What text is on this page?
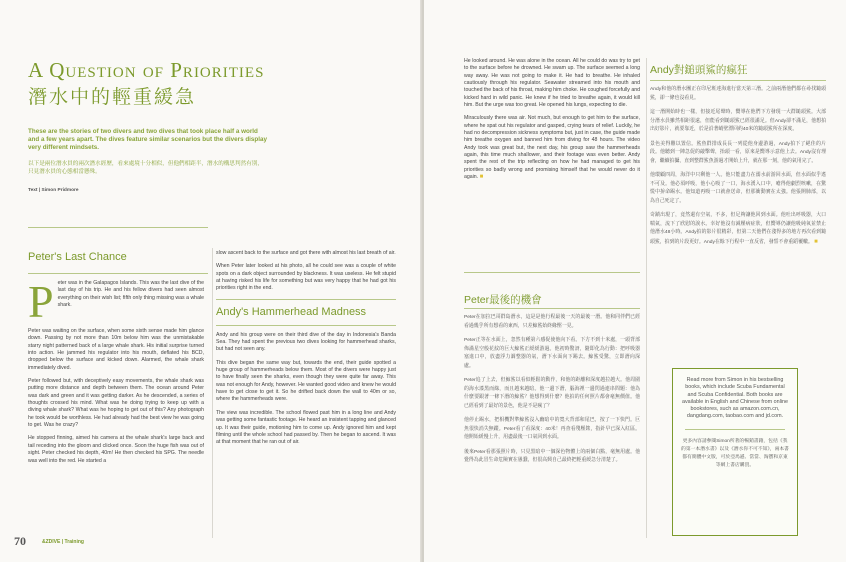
A Question of Priorities
潛水中的輕重緩急
These are the stories of two divers and two dives that took place half a world and a few years apart. The dives feature similar scenarios but the divers display very different mindsets.
以下是兩位潛水員的兩次潛水經歷，看來處境十分相似，但他們相距半，潛水的構思判然有別，只見潛水員的心態相當懸殊。
Text | Simon Pridmore
Peter's Last Chance

P eter was in the Galapagos Islands. This was the last dive of the last day of his trip. He and his fellow divers had seen almost everything on their wish list; fifth only thing missing was a whale shark.

Peter was waiting on the surface, when some sixth sense made him glance down. Passing by not more than 10m below him was the unmistakable starry night patterned back of a large whale shark. His initial surprise turned into action. He jammed his regulator into his mouth, deflated his BCD, dropped below the surface and kicked down. Alarmed, the whale shark immediately dived.

Peter followed but, with deceptively easy movements, the whale shark was putting more distance and depth between them. The ocean around Peter was dark and green and it was getting darker. As he descended, a series of thoughts crossed his mind. What was he doing trying to keep up with a diving whale shark? What was he hoping to get out of this? Any photograph he took would be worthless. He had already had the best view he was going to get. Was he crazy?

He stopped finning, aimed his camera at the whale shark's large back and tail receding into the gloom and clicked once. Soon the huge fish was out of sight. Peter checked his depth, 40m! He then checked his SPG. The needle was well into the red. He started a

slow ascent back to the surface and got there with almost his last breath of air.

When Peter later looked at his photo, all he could see was a couple of white spots on a dark object surrounded by blackness. It was useless. He felt stupid at having risked his life for something but was very happy that he had got his priorities right in the end.

Andy's Hammerhead Madness

Andy and his group were on their third dive of the day in Indonesia's Banda Sea. They had spent the previous two dives looking for hammerhead sharks, but had not seen any.

This dive began the same way but, towards the end, their guide spotted a huge group of hammerheads below them. Most of the divers were happy just to have finally seen the sharks, even though they were quite far away. This was not enough for Andy, however. He wanted good video and knew he would have to get close to get it. So he drifted back down the wall to 40m or so, where the hammerheads were.

The view was incredible. The school flowed past him in a long line and Andy was getting some fantastic footage. He heard an insistent tapping and glanced up. It was their guide, motioning him to come up. Andy ignored him and kept filming until the whole school had passed by. Then he began to ascend. It was at that moment that he ran out of air.

70	&ZDIVE | Training

He looked around. He was alone in the ocean. All he could do was try to get to the surface before he drowned. He swam up. The surface seemed a long way away. He was not going to make it. He had to breathe. He inhaled cautiously through his regulator. Seawater streamed into his mouth and touched the back of his throat, making him choke. He coughed forcefully and kicked hard in wild panic. He knew if he tried to breathe again, it would kill him. But the urge was too great. He opened his lungs, expecting to die.

Miraculously there was air. Not much, but enough to get him to the surface, where he spat out his regulator and gasped, crying tears of relief. Luckily, he had no decompression sickness symptoms but, just in case, the guide made him breathe oxygen and banned him from diving for 48 hours. The video Andy took was great but, the next day, his group saw the hammerheads again, this time much shallower, and their footage was even better. Andy spent the rest of the trip reflecting on how he had managed to get his priorities so badly wrong and promising himself that he would never do it again. ■

Peter最後的機會

Peter在加拉巴哥群島潛水，這是是他行程最後一天的最後一潛。他和同伴們已經看過幾乎所有想看的東西，只差鯨鯊始終緣慳一見。

Peter正等在水面上，忽然有種第六感促使他向下看。下方不到十米處，一頭背部佈滿星空般花紋的巨大鯨鯊正緩緩游過。他初時驚訝，隨即化為行動：把呼吸器塞進口中，放盡浮力調整器的氣，潛下水面向下踢去。鯨鯊受驚，立即潛向深處。

Peter追了上去，但鯨鯊以看似輕鬆的動作，和他的距離和深度越拉越大。他周圍的海水漆黑而綠，而且越來越暗。他一邊下潛，腦海裡一邊閃過連串問題：他為什麼要跟著一條下潛的鯨鯊？他想得到什麼？他拍的任何照片都會毫無價值。他已經看到了最好的景色，他是不是瘋了？

他停止踢水，把相機對準鯨鯊沒入幽暗中的寬大背部和尾巴，按了一下快門。巨魚很快消失無蹤。Peter看了看深度：40米！再查看殘壓錶，指針早已深入紅區。他開始緩慢上升，用盡最後一口氣回到水面。

後來Peter看那張照片時，只見黑暗中一個深色物體上的兩個白點，毫無用處。他覺得為此冒生命危險實在愚蠢，但很高興自己最終把輕重緩急分清楚了。

Andy對鎚頭鯊的瘋狂

Andy和他的潛水團正在印尼班達海進行當天第三潛。之前兩潛他們都在尋找鎚頭鯊，卻一條也沒看見。

這一潛開始時也一樣，但接近尾聲時，嚮導在他們下方發現一大群鎚頭鯊。大部分潛水員雖然相距很遠，但能看到鎚頭鯊已經很滿足。但Andy卻不滿足，他想拍出好影片，就要靠近，於是沿著峭壁漂回約40米的鎚頭鯊所在深度。

景色美得難以置信。鯊魚群排成長長一列從他身邊游過，Andy拍下了絕佳的片段。他聽到一陣急促的敲擊聲，抬頭一看，原來是嚮導示意他上去。Andy沒有理會，繼續拍攝，直到整群鯊魚游過才開始上升，就在那一刻，他的氣用完了。

他環顧四周，海洋中只剩他一人。他只能盡力在溺水前游回水面，但水面似乎遙不可及。他必須呼吸，他小心吸了一口，海水湧入口中，嗆得他劇烈咳嗽，在驚慌中拚命踢水。他知道再吸一口就會送命，但那衝動實在太強。他張開肺部，以為自己死定了。

奇蹟出現了，竟然還有空氣，不多，但足夠讓他回到水面。他吐出呼吸器，大口喘氣，流下了欣慰的淚水。幸好他沒有減壓病症狀，但嚮導仍讓他吸純氧並禁止他潛水48小時。Andy拍的影片很精彩，但第二天他們在淺得多的地方再次看到鎚頭鯊，拍到的片段更好。Andy在餘下行程中一直反省，發誓不會重蹈覆轍。 ■

Read more from Simon in his bestselling books, which include Scuba Fundamental and Scuba Confidential. Both books are available in English and Chinese from online bookstores, such as amazon.com.cn, dangdang.com, taobao.com and jd.com.
更多內容請參閱Simon所著的暢銷書籍，包括《我的第一本潛水書》以及《潛水你不可不知》，兩本書都有簡體中文版，可於亞馬遜、當當、淘寶和京東等網上書店購買。
